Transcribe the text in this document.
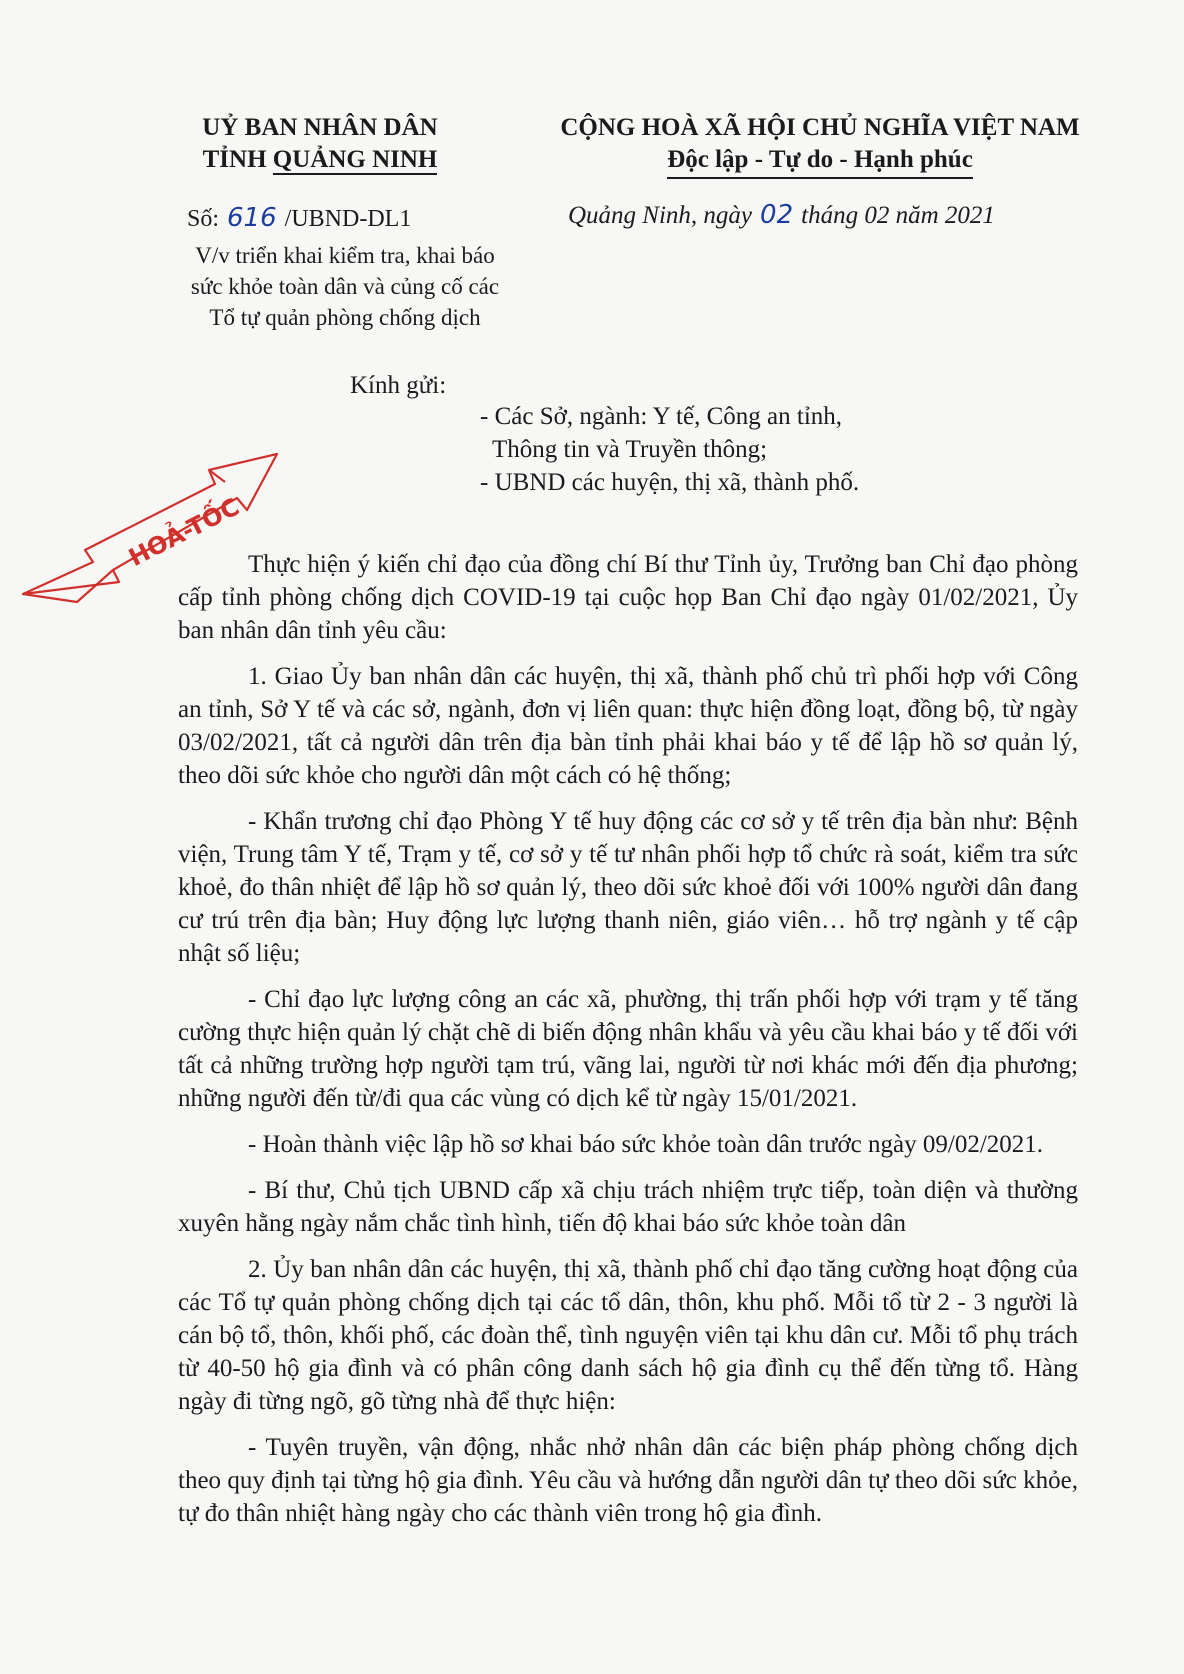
UỶ BAN NHÂN DÂN
TỈNH QUẢNG NINH
CỘNG HOÀ XÃ HỘI CHỦ NGHĨA VIỆT NAM
Độc lập - Tự do - Hạnh phúc
Số: 616 /UBND-DL1	Quảng Ninh, ngày 02 tháng 02 năm 2021
V/v triển khai kiểm tra, khai báo
sức khỏe toàn dân và củng cố các
Tổ tự quản phòng chống dịch
Kính gửi:
- Các Sở, ngành: Y tế, Công an tỉnh,
Thông tin và Truyền thông;
- UBND các huyện, thị xã, thành phố.
HOẢ-TỐC Thực hiện ý kiến chỉ đạo của đồng chí Bí thư Tỉnh ủy, Trưởng ban Chỉ đạo phòng cấp tỉnh phòng chống dịch COVID-19 tại cuộc họp Ban Chỉ đạo ngày 01/02/2021, Ủy ban nhân dân tỉnh yêu cầu:

1. Giao Ủy ban nhân dân các huyện, thị xã, thành phố chủ trì phối hợp với Công an tỉnh, Sở Y tế và các sở, ngành, đơn vị liên quan: thực hiện đồng loạt, đồng bộ, từ ngày 03/02/2021, tất cả người dân trên địa bàn tỉnh phải khai báo y tế để lập hồ sơ quản lý, theo dõi sức khỏe cho người dân một cách có hệ thống;

- Khẩn trương chỉ đạo Phòng Y tế huy động các cơ sở y tế trên địa bàn như: Bệnh viện, Trung tâm Y tế, Trạm y tế, cơ sở y tế tư nhân phối hợp tổ chức rà soát, kiểm tra sức khoẻ, đo thân nhiệt để lập hồ sơ quản lý, theo dõi sức khoẻ đối với 100% người dân đang cư trú trên địa bàn; Huy động lực lượng thanh niên, giáo viên… hỗ trợ ngành y tế cập nhật số liệu;

- Chỉ đạo lực lượng công an các xã, phường, thị trấn phối hợp với trạm y tế tăng cường thực hiện quản lý chặt chẽ di biến động nhân khẩu và yêu cầu khai báo y tế đối với tất cả những trường hợp người tạm trú, vãng lai, người từ nơi khác mới đến địa phương; những người đến từ/đi qua các vùng có dịch kể từ ngày 15/01/2021.

- Hoàn thành việc lập hồ sơ khai báo sức khỏe toàn dân trước ngày 09/02/2021.

- Bí thư, Chủ tịch UBND cấp xã chịu trách nhiệm trực tiếp, toàn diện và thường xuyên hằng ngày nắm chắc tình hình, tiến độ khai báo sức khỏe toàn dân

2. Ủy ban nhân dân các huyện, thị xã, thành phố chỉ đạo tăng cường hoạt động của các Tổ tự quản phòng chống dịch tại các tổ dân, thôn, khu phố. Mỗi tổ từ 2 - 3 người là cán bộ tổ, thôn, khối phố, các đoàn thể, tình nguyện viên tại khu dân cư. Mỗi tổ phụ trách từ 40-50 hộ gia đình và có phân công danh sách hộ gia đình cụ thể đến từng tổ. Hàng ngày đi từng ngõ, gõ từng nhà để thực hiện:

- Tuyên truyền, vận động, nhắc nhở nhân dân các biện pháp phòng chống dịch theo quy định tại từng hộ gia đình. Yêu cầu và hướng dẫn người dân tự theo dõi sức khỏe, tự đo thân nhiệt hàng ngày cho các thành viên trong hộ gia đình.
